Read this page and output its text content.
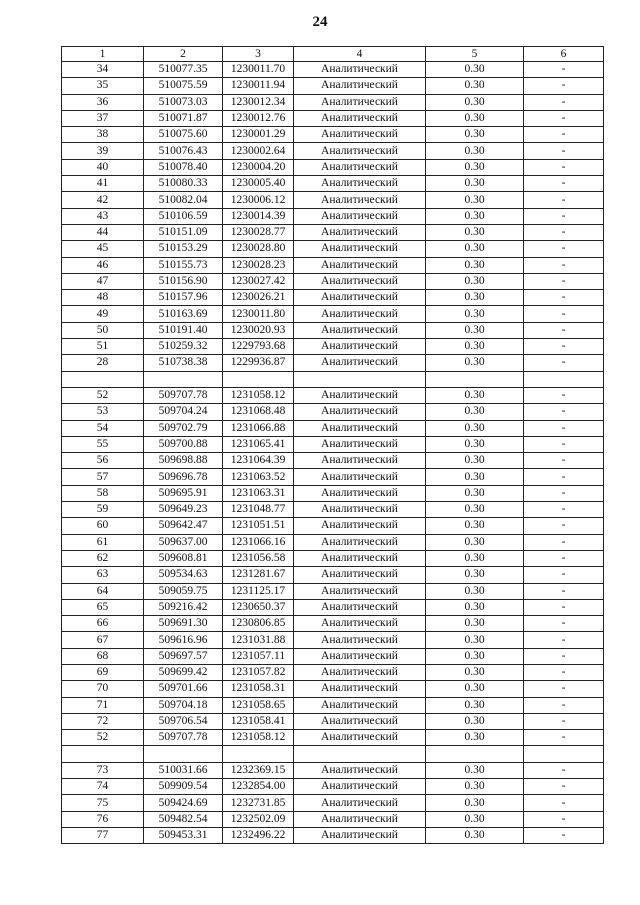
24
1	2	3	4	5	6
34	510077.35	1230011.70	Аналитический	0.30	-
35	510075.59	1230011.94	Аналитический	0.30	-
36	510073.03	1230012.34	Аналитический	0.30	-
37	510071.87	1230012.76	Аналитический	0.30	-
38	510075.60	1230001.29	Аналитический	0.30	-
39	510076.43	1230002.64	Аналитический	0.30	-
40	510078.40	1230004.20	Аналитический	0.30	-
41	510080.33	1230005.40	Аналитический	0.30	-
42	510082.04	1230006.12	Аналитический	0.30	-
43	510106.59	1230014.39	Аналитический	0.30	-
44	510151.09	1230028.77	Аналитический	0.30	-
45	510153.29	1230028.80	Аналитический	0.30	-
46	510155.73	1230028.23	Аналитический	0.30	-
47	510156.90	1230027.42	Аналитический	0.30	-
48	510157.96	1230026.21	Аналитический	0.30	-
49	510163.69	1230011.80	Аналитический	0.30	-
50	510191.40	1230020.93	Аналитический	0.30	-
51	510259.32	1229793.68	Аналитический	0.30	-
28	510738.38	1229936.87	Аналитический	0.30	-

52	509707.78	1231058.12	Аналитический	0.30	-
53	509704.24	1231068.48	Аналитический	0.30	-
54	509702.79	1231066.88	Аналитический	0.30	-
55	509700.88	1231065.41	Аналитический	0.30	-
56	509698.88	1231064.39	Аналитический	0.30	-
57	509696.78	1231063.52	Аналитический	0.30	-
58	509695.91	1231063.31	Аналитический	0.30	-
59	509649.23	1231048.77	Аналитический	0.30	-
60	509642.47	1231051.51	Аналитический	0.30	-
61	509637.00	1231066.16	Аналитический	0.30	-
62	509608.81	1231056.58	Аналитический	0.30	-
63	509534.63	1231281.67	Аналитический	0.30	-
64	509059.75	1231125.17	Аналитический	0.30	-
65	509216.42	1230650.37	Аналитический	0.30	-
66	509691.30	1230806.85	Аналитический	0.30	-
67	509616.96	1231031.88	Аналитический	0.30	-
68	509697.57	1231057.11	Аналитический	0.30	-
69	509699.42	1231057.82	Аналитический	0.30	-
70	509701.66	1231058.31	Аналитический	0.30	-
71	509704.18	1231058.65	Аналитический	0.30	-
72	509706.54	1231058.41	Аналитический	0.30	-
52	509707.78	1231058.12	Аналитический	0.30	-

73	510031.66	1232369.15	Аналитический	0.30	-
74	509909.54	1232854.00	Аналитический	0.30	-
75	509424.69	1232731.85	Аналитический	0.30	-
76	509482.54	1232502.09	Аналитический	0.30	-
77	509453.31	1232496.22	Аналитический	0.30	-
